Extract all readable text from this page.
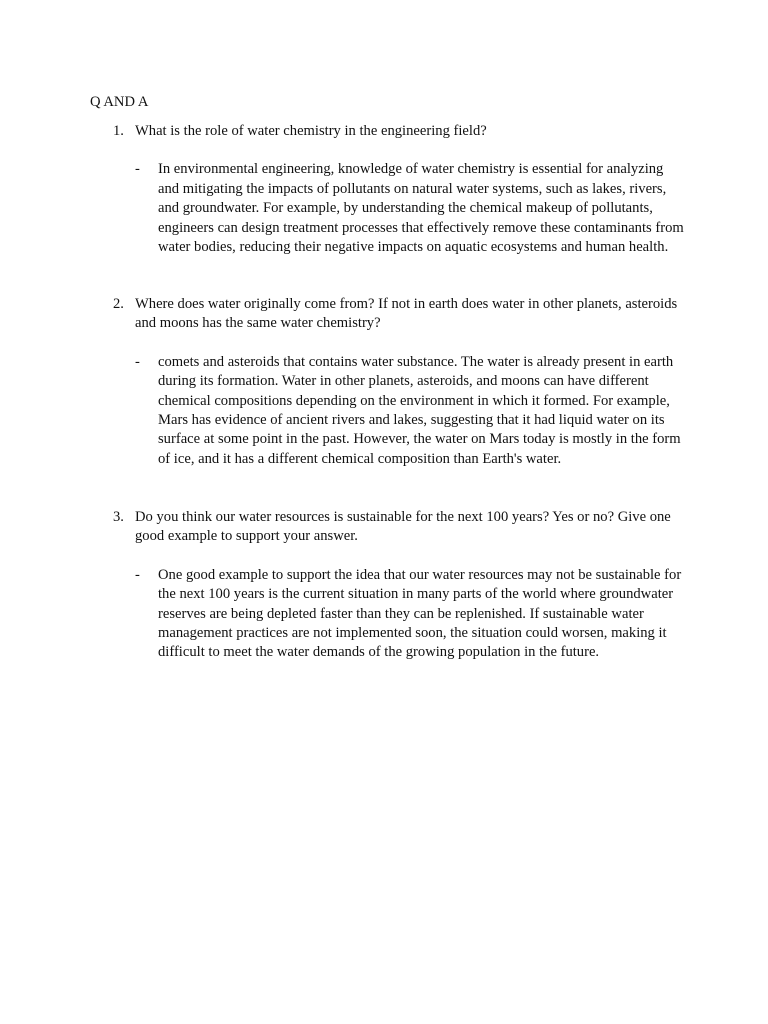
Q AND A
1. What is the role of water chemistry in the engineering field?
- In environmental engineering, knowledge of water chemistry is essential for analyzing and mitigating the impacts of pollutants on natural water systems, such as lakes, rivers, and groundwater. For example, by understanding the chemical makeup of pollutants, engineers can design treatment processes that effectively remove these contaminants from water bodies, reducing their negative impacts on aquatic ecosystems and human health.
2. Where does water originally come from? If not in earth does water in other planets, asteroids and moons has the same water chemistry?
- comets and asteroids that contains water substance. The water is already present in earth during its formation. Water in other planets, asteroids, and moons can have different chemical compositions depending on the environment in which it formed. For example, Mars has evidence of ancient rivers and lakes, suggesting that it had liquid water on its surface at some point in the past. However, the water on Mars today is mostly in the form of ice, and it has a different chemical composition than Earth's water.
3. Do you think our water resources is sustainable for the next 100 years? Yes or no? Give one good example to support your answer.
- One good example to support the idea that our water resources may not be sustainable for the next 100 years is the current situation in many parts of the world where groundwater reserves are being depleted faster than they can be replenished. If sustainable water management practices are not implemented soon, the situation could worsen, making it difficult to meet the water demands of the growing population in the future.
